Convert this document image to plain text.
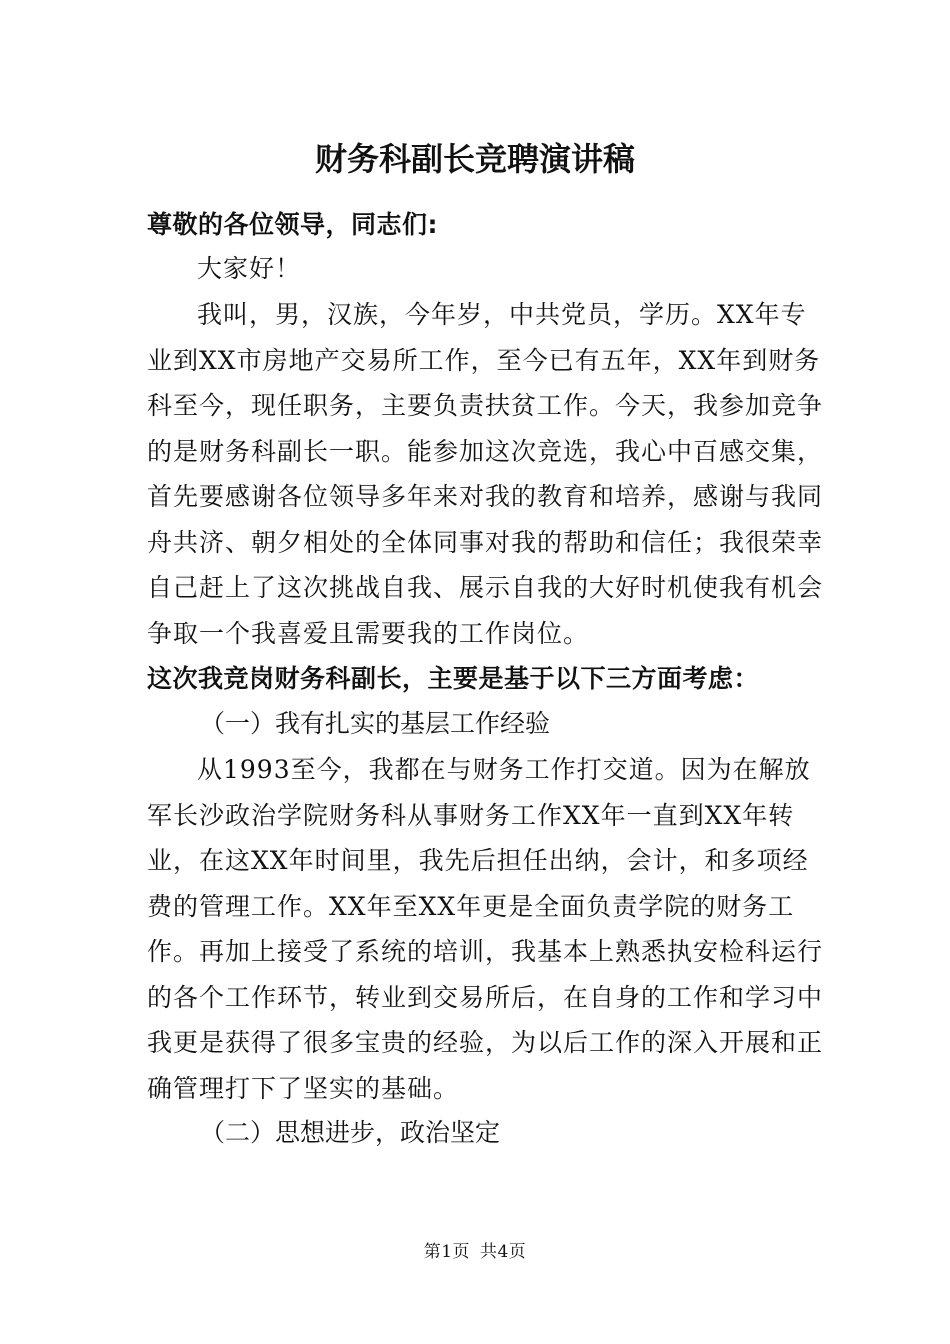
财务科副长竞聘演讲稿
尊敬的各位领导，同志们:
大家好！
我叫，男，汉族，今年岁，中共党员，学历。XX年专业到XX市房地产交易所工作，至今已有五年，XX年到财务科至今，现任职务，主要负责扶贫工作。今天，我参加竞争的是财务科副长一职。能参加这次竞选，我心中百感交集，首先要感谢各位领导多年来对我的教育和培养，感谢与我同舟共济、朝夕相处的全体同事对我的帮助和信任；我很荣幸自己赶上了这次挑战自我、展示自我的大好时机使我有机会争取一个我喜爱且需要我的工作岗位。
这次我竞岗财务科副长，主要是基于以下三方面考虑：
（一）我有扎实的基层工作经验
从1993至今，我都在与财务工作打交道。因为在解放军长沙政治学院财务科从事财务工作XX年一直到XX年转业，在这XX年时间里，我先后担任出纳，会计，和多项经费的管理工作。XX年至XX年更是全面负责学院的财务工作。再加上接受了系统的培训，我基本上熟悉执安检科运行的各个工作环节，转业到交易所后，在自身的工作和学习中我更是获得了很多宝贵的经验，为以后工作的深入开展和正确管理打下了坚实的基础。
（二）思想进步，政治坚定
第1页 共4页
